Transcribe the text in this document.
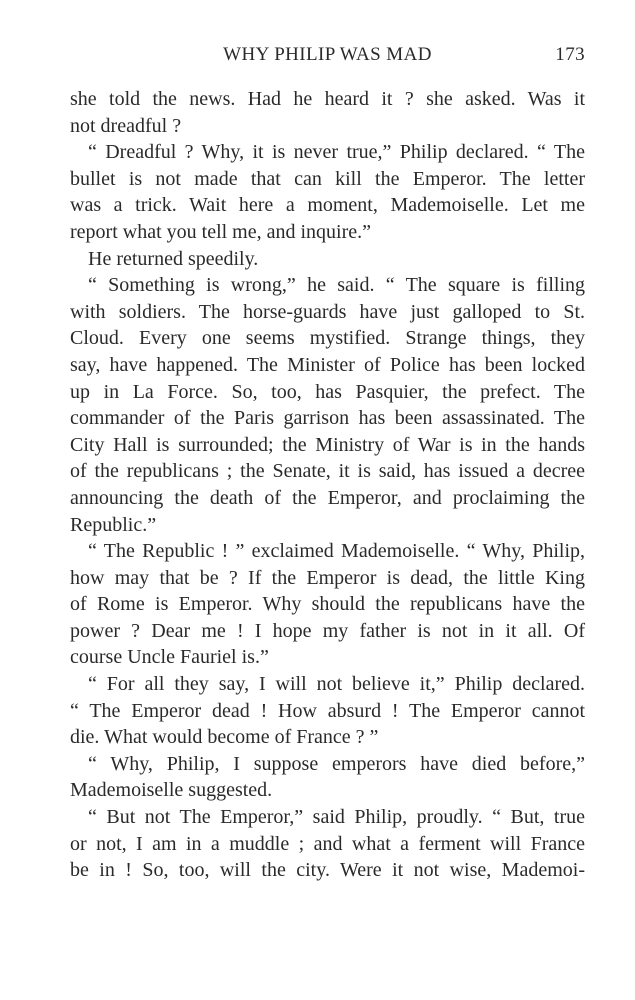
WHY PHILIP WAS MAD	173
she told the news. Had he heard it ? she asked. Was it
not dreadful ?
“ Dreadful ? Why, it is never true,” Philip declared. “ The
bullet is not made that can kill the Emperor. The letter
was a trick. Wait here a moment, Mademoiselle. Let me
report what you tell me, and inquire.”
He returned speedily.
“ Something is wrong,” he said. “ The square is filling
with soldiers. The horse-guards have just galloped to St.
Cloud. Every one seems mystified. Strange things, they
say, have happened. The Minister of Police has been locked
up in La Force. So, too, has Pasquier, the prefect. The
commander of the Paris garrison has been assassinated. The
City Hall is surrounded; the Ministry of War is in the hands
of the republicans ; the Senate, it is said, has issued a decree
announcing the death of the Emperor, and proclaiming the
Republic.”
“ The Republic ! ” exclaimed Mademoiselle. “ Why, Philip,
how may that be ? If the Emperor is dead, the little King
of Rome is Emperor. Why should the republicans have the
power ? Dear me ! I hope my father is not in it all. Of
course Uncle Fauriel is.”
“ For all they say, I will not believe it,” Philip declared.
“ The Emperor dead ! How absurd ! The Emperor cannot
die. What would become of France ? ”
“ Why, Philip, I suppose emperors have died before,”
Mademoiselle suggested.
“ But not The Emperor,” said Philip, proudly. “ But, true
or not, I am in a muddle ; and what a ferment will France
be in ! So, too, will the city. Were it not wise, Mademoi-
